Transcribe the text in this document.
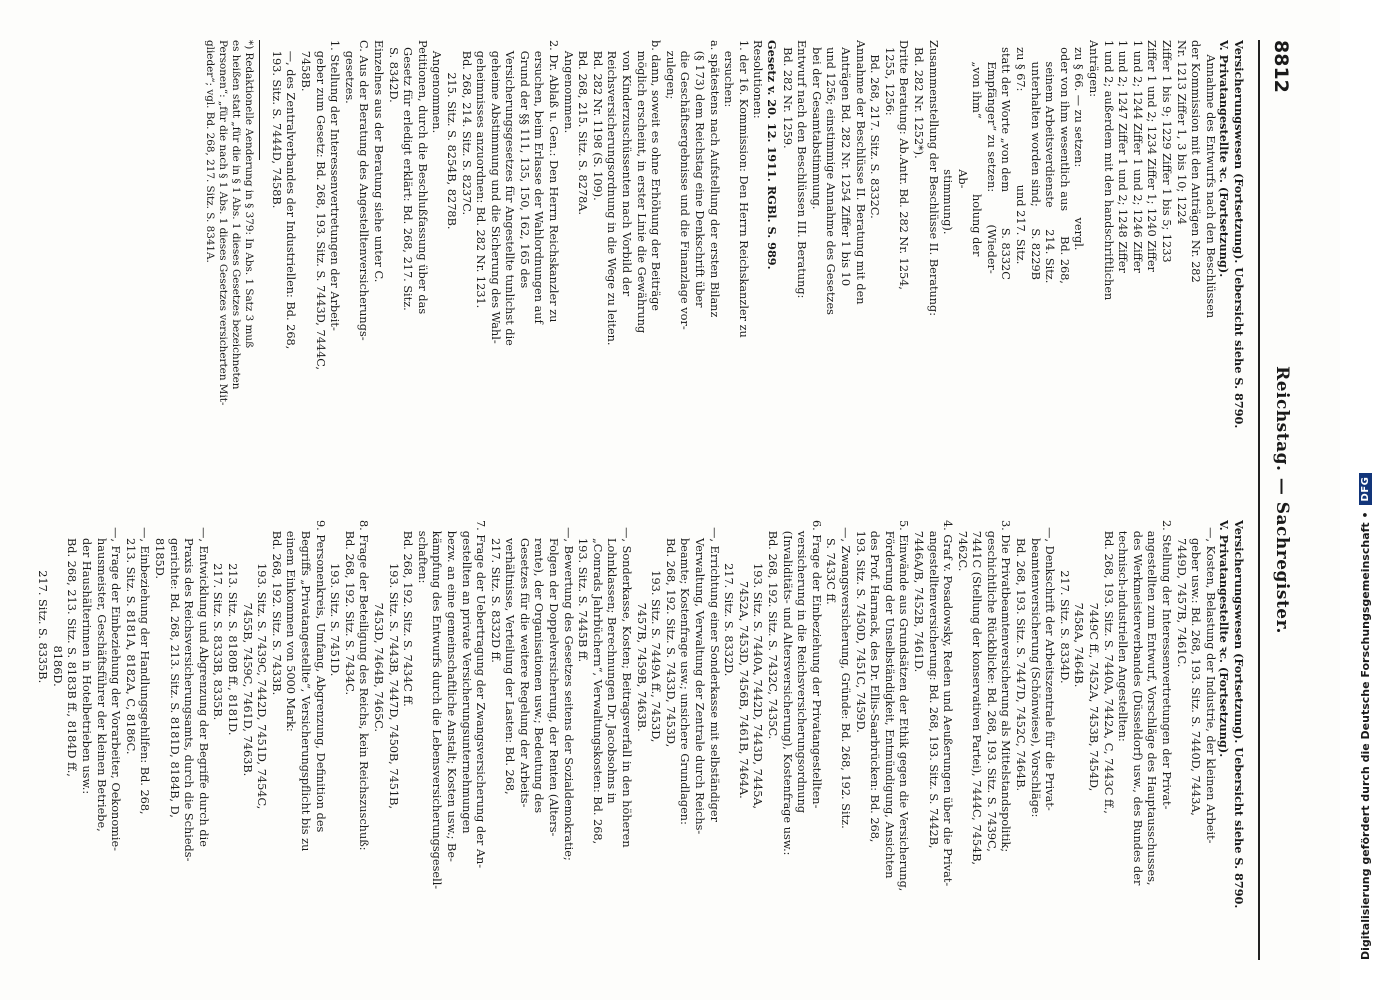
8812
Reichstag. — Sachregister.
Versicherungswesen (Fortsetzung). Uebersicht siehe S. 8790.
V. Privatangestellte ꝛc. (Fortsetzung).
Annahme des Entwurfs nach den Beschlüssen
der Kommission mit den Anträgen Nr. 282
Nr. 1213 Ziffer 1, 3 bis 10; 1224
Ziffer 1 bis 9; 1229 Ziffer 1 bis 5; 1233
Ziffer 1 und 2; 1234 Ziffer 1; 1240 Ziffer
1 und 2; 1244 Ziffer 1 und 2; 1246 Ziffer
1 und 2; 1247 Ziffer 1 und 2; 1248 Ziffer
1 und 2; außerdem mit den handschriftlichen
Anträgen:
zu § 66. — zu setzen:              vergl.
oder von ihm wesentlich aus       Bd. 268,
seinem Arbeitsverdienste      214. Sitz.
unterhalten worden sind;      S. 8229B
zu § 67:                          und 217. Sitz.
statt der Worte „von dem          S. 8332C
Empfänger“ zu setzen:         (Wieder-
„von ihm“                     holung der
Ab-
stimmung).
Zusammenstellung der Beschlüsse II. Beratung:
Bd. 282 Nr. 1252*).
Dritte Beratung: Ab.Antr. Bd. 282 Nr. 1254,
1255, 1256:
Bd. 268, 217. Sitz. S. 8332C.
Annahme der Beschlüsse II. Beratung mit den
Anträgen Bd. 282 Nr. 1254 Ziffer 1 bis 10
und 1256; einstimmige Annahme des Gesetzes
bei der Gesamtabstimmung.
Entwurf nach den Beschlüssen III. Beratung:
Bd. 282 Nr. 1259.
Gesetz v. 20. 12. 1911. RGBl. S. 989.
Resolutionen:
1. der 16. Kommission: Den Herrn Reichskanzler zu
ersuchen:
a. spätestens nach Aufstellung der ersten Bilanz
(§ 173) dem Reichstag eine Denkschrift über
die Geschäftsergebnisse und die Finanzlage vor-
zulegen;
b. dann, soweit es ohne Erhöhung der Beiträge
möglich erscheint, in erster Linie die Gewährung
von Kinderzuschüssenten nach Vorbild der
Reichsversicherungsordnung in die Wege zu leiten.
Bd. 282 Nr. 1198 (S. 109).
Bd. 268, 215. Sitz. S. 8278A.
Angenommen.
2. Dr. Ablaß u. Gen.: Den Herrn Reichskanzler zu
ersuchen, beim Erlasse der Wahlordnungen auf
Grund der §§ 111, 135, 150, 162, 165 des
Versicherungsgesetzes für Angestellte tunlichst die
geheime Abstimmung und die Sicherung des Wahl-
geheimnisses anzuordnen: Bd. 282 Nr. 1231.
Bd. 268, 214. Sitz. S. 8237C.
215. Sitz. S. 8254B, 8278B.
Angenommen.
Petitionen, durch die Beschlußfassung über das
Gesetz für erledigt erklärt: Bd. 268, 217. Sitz.
S. 8342D.
Einzelnes aus der Beratung siehe unter C.
C. Aus der Beratung des Angestelltenversicherungs-
gesetzes.
1. Stellung der Interessenvertretungen der Arbeit-
geber zum Gesetz: Bd. 268, 193. Sitz. S. 7443D, 7444C,
7458B.
—, des Zentralverbandes der Industriellen: Bd. 268,
193. Sitz. S. 7444D, 7458B.
*) Redaktionelle Aenderung in § 379: In Abs. 1 Satz 3 muß
es heißen statt „für die in § 1 Abs. 1 dieses Gesetzes bezeichneten
Personen“: „für die nach § 1 Abs. 1 dieses Gesetzes versicherten Mit-
glieder“; vgl. Bd. 268, 217. Sitz. S. 8341A.
Versicherungswesen (Fortsetzung). Uebersicht siehe S. 8790.
V. Privatangestellte ꝛc. (Fortsetzung).
—, Kosten, Belastung der Industrie, der kleinen Arbeit-
geber usw.: Bd. 268, 193. Sitz. S. 7440D, 7443A,
7449D, 7457B, 7461C.
2. Stellung der Interessenvertretungen der Privat-
angestellten zum Entwurf, Vorschläge des Hauptausschusses,
des Werkmeisterverbandes (Düsseldorf) usw., des Bundes der
technisch-industriellen Angestellten:
Bd. 268, 193. Sitz. S. 7440A, 7442A, C, 7443C ff.,
7449C ff., 7452A, 7453B, 7454D,
7458A, 7464B.
217. Sitz. S. 8334D.
—, Denkschrift der Arbeitszentrale für die Privat-
beamtenversicherung (Schönwiese), Vorschläge:
Bd. 268, 193. Sitz. S. 7447D, 7452C, 7464B.
3. Die Privatbeamtenversicherung als Mittelstandspolitik;
geschichtliche Rückblicke: Bd. 268, 193. Sitz. S. 7439C,
7441C (Stellung der konservativen Partei), 7444C, 7454B,
7462C.
4. Graf v. Posadowsky, Reden und Aeußerungen über die Privat-
angestelltenversicherung: Bd. 268, 193. Sitz. S. 7442B,
7446A/B, 7452B, 7461D.
5. Einwände aus Grundsätzen der Ethik gegen die Versicherung,
Förderung der Unselbständigkeit, Entmündigung, Ansichten
des Prof. Harnack, des Dr. Ellis-Saarbrücken: Bd. 268,
193. Sitz. S. 7450D, 7451C, 7459D.
—, Zwangsversicherung, Gründe: Bd. 268, 192. Sitz.
S. 7433C ff.
6. Frage der Einbeziehung der Privatangestellten-
versicherung in die Reichsversicherungsordnung
(Invaliditäts- und Altersversicherung), Kostenfrage usw.:
Bd. 268, 192. Sitz. S. 7432C, 7435C.
193. Sitz. S. 7440A, 7442D, 7443D, 7445A,
7452A, 7453D, 7456B, 7461B, 7464A.
217. Sitz. S. 8332D.
—, Errichtung einer Sonderkasse mit selbständiger
Verwaltung, Verwaltung der Zentrale durch Reichs-
beamte; Kostenfrage usw.; unsichere Grundlagen:
Bd. 268, 192. Sitz. S. 7433D, 7453D,
193. Sitz. S. 7449A ff., 7453D,
7457B, 7459B, 7463B.
—, Sonderkasse, Kosten; Beitragsverfall in den höheren
Lohnklassen; Berechnungen Dr. Jacobsohns in
„Conrads Jahrbüchern“, Verwaltungskosten: Bd. 268,
193. Sitz. S. 7445B ff.
—, Bewertung des Gesetzes seitens der Sozialdemokratie;
Folgen der Doppelversicherung, der Renten (Alters-
rente), der Organisationen usw.; Bedeutung des
Gesetzes für die weitere Regelung der Arbeits-
verhältnisse, Verteilung der Lasten: Bd. 268,
217. Sitz. S. 8332D ff.
7. Frage der Uebertragung der Zwangsversicherung der An-
gestellten an private Versicherungsunternehmungen
bezw. an eine gemeinschaftliche Anstalt; Kosten usw.; Be-
kämpfung des Entwurfs durch die Lebensversicherungsgesell-
schaften:
Bd. 268, 192. Sitz. S. 7434C ff.
193. Sitz. S. 7443B, 7447D, 7450B, 7451B,
7453D, 7464B, 7465C.
8. Frage der Beteiligung des Reichs, kein Reichszuschuß:
Bd. 268, 192. Sitz. S. 7434C.
193. Sitz. S. 7451D.
9. Personenkreis, Umfang, Abgrenzung, Definition des
Begriffs „Privatangestellte“, Versicherungspflicht bis zu
einem Einkommen von 5000 Mark:
Bd. 268, 192. Sitz. S. 7433B.
193. Sitz. S. 7439C, 7442D, 7451D, 7454C,
7455B, 7459C, 7461D, 7463B.
213. Sitz. S. 8180B ff., 8181D.
217. Sitz. S. 8333B, 8335B.
—, Entwicklung und Abgrenzung der Begriffe durch die
Praxis des Reichsversicherungsamts, durch die Schieds-
gerichte: Bd. 268, 213. Sitz. S. 8181D, 8184B, D,
8185D.
—, Einbeziehung der Handlungsgehilfen: Bd. 268,
213. Sitz. S. 8181A, 8182A, C, 8186C.
—, Frage der Einbeziehung der Vorarbeiter, Oekonomie-
hausmeister, Geschäftsführer der kleinen Betriebe,
der Haushälterinnen in Hotelbetrieben usw.:
Bd. 268, 213. Sitz. S. 8183B ff., 8184D ff.,
8186D.
217. Sitz. S. 8335B.	Digitalisierung gefördert durch die Deutsche Forschungsgemeinschaft •
DFG
